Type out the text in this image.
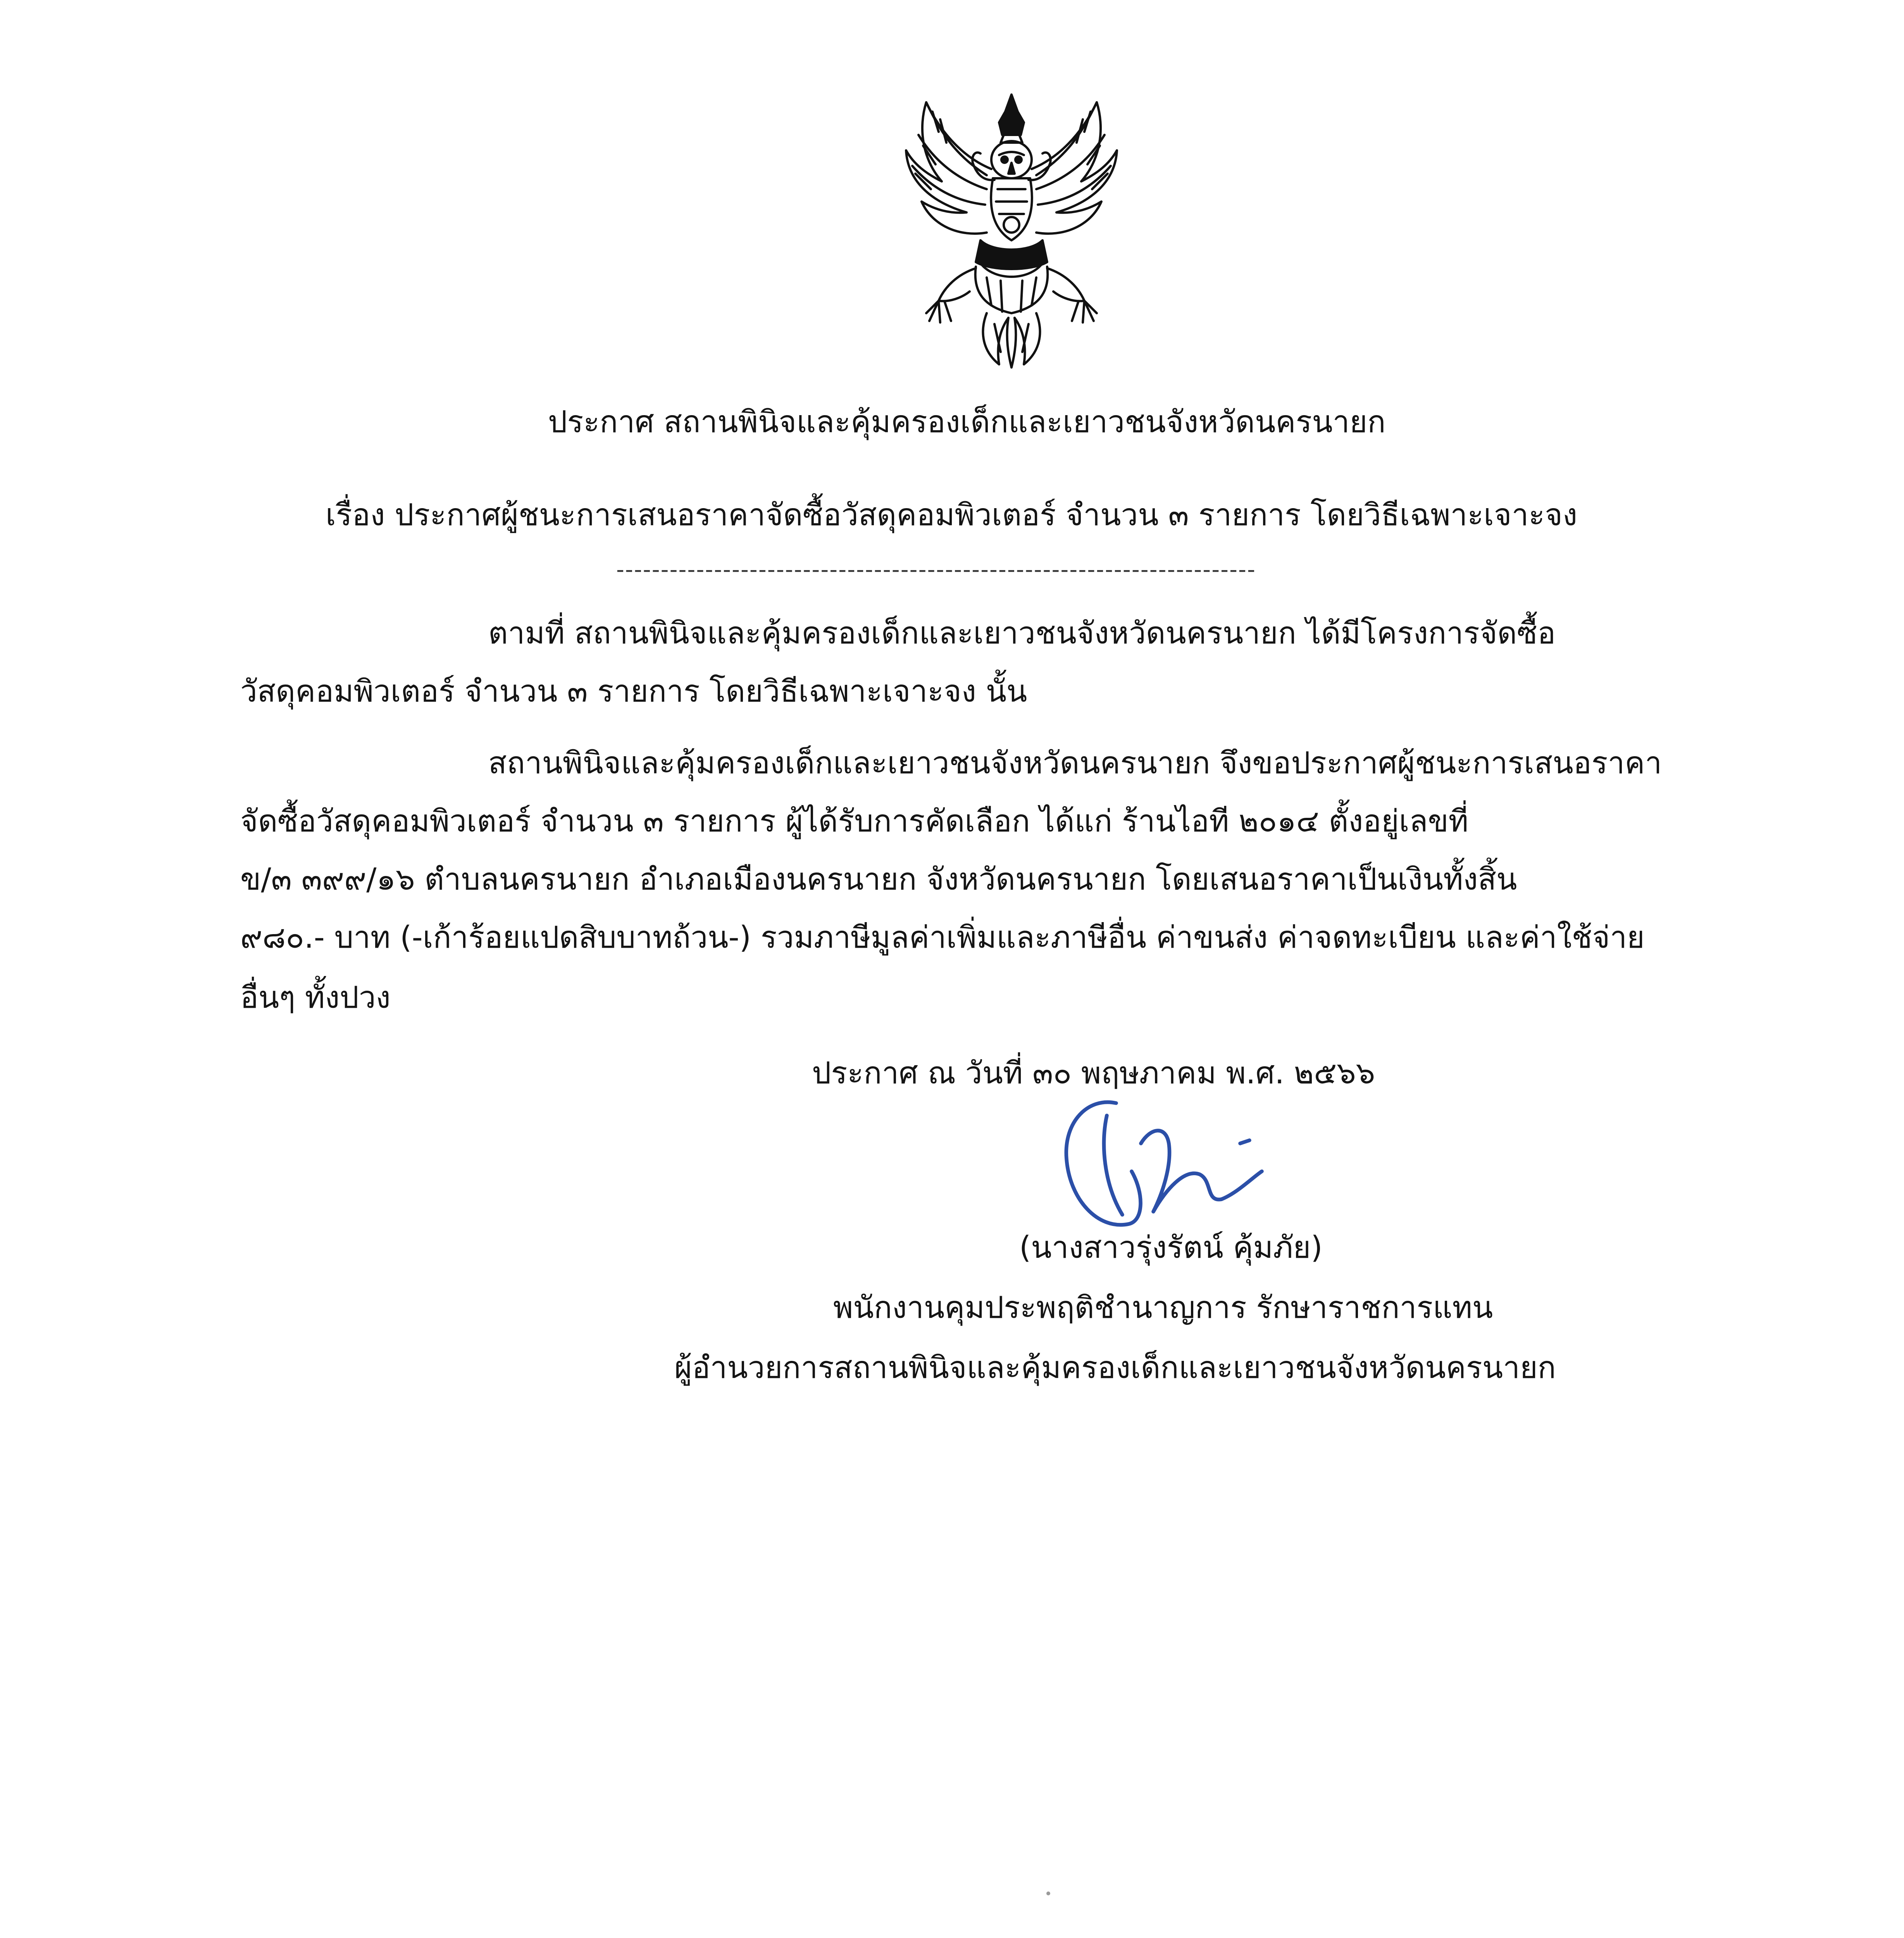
ประกาศ สถานพินิจและคุ้มครองเด็กและเยาวชนจังหวัดนครนายก
เรื่อง ประกาศผู้ชนะการเสนอราคาจัดซื้อวัสดุคอมพิวเตอร์ จำนวน ๓ รายการ โดยวิธีเฉพาะเจาะจง
------------------------------------------------------------------------
ตามที่ สถานพินิจและคุ้มครองเด็กและเยาวชนจังหวัดนครนายก ได้มีโครงการจัดซื้อ
วัสดุคอมพิวเตอร์ จำนวน ๓ รายการ โดยวิธีเฉพาะเจาะจง นั้น
สถานพินิจและคุ้มครองเด็กและเยาวชนจังหวัดนครนายก จึงขอประกาศผู้ชนะการเสนอราคา
จัดซื้อวัสดุคอมพิวเตอร์ จำนวน ๓ รายการ ผู้ได้รับการคัดเลือก ได้แก่ ร้านไอที ๒๐๑๔ ตั้งอยู่เลขที่
ข/๓ ๓๙๙/๑๖ ตำบลนครนายก อำเภอเมืองนครนายก จังหวัดนครนายก โดยเสนอราคาเป็นเงินทั้งสิ้น
๙๘๐.- บาท (-เก้าร้อยแปดสิบบาทถ้วน-) รวมภาษีมูลค่าเพิ่มและภาษีอื่น ค่าขนส่ง ค่าจดทะเบียน และค่าใช้จ่าย
อื่นๆ ทั้งปวง
ประกาศ ณ วันที่ ๓๐ พฤษภาคม พ.ศ. ๒๕๖๖
(นางสาวรุ่งรัตน์ คุ้มภัย)
พนักงานคุมประพฤติชำนาญการ รักษาราชการแทน
ผู้อำนวยการสถานพินิจและคุ้มครองเด็กและเยาวชนจังหวัดนครนายก
